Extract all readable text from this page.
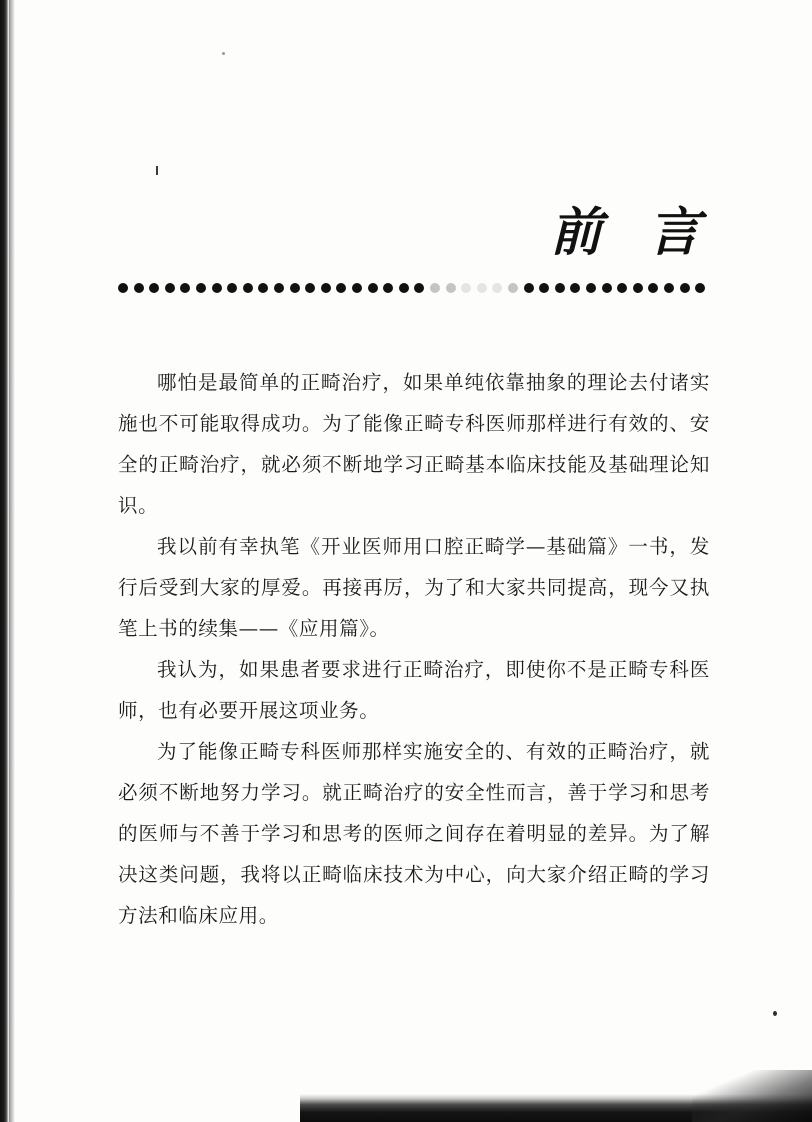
前 言

哪怕是最简单的正畸治疗，如果单纯依靠抽象的理论去付诸实施也不可能取得成功。为了能像正畸专科医师那样进行有效的、安全的正畸治疗，就必须不断地学习正畸基本临床技能及基础理论知识。

我以前有幸执笔《开业医师用口腔正畸学—基础篇》一书，发行后受到大家的厚爱。再接再厉，为了和大家共同提高，现今又执笔上书的续集——《应用篇》。

我认为，如果患者要求进行正畸治疗，即使你不是正畸专科医师，也有必要开展这项业务。

为了能像正畸专科医师那样实施安全的、有效的正畸治疗，就必须不断地努力学习。就正畸治疗的安全性而言，善于学习和思考的医师与不善于学习和思考的医师之间存在着明显的差异。为了解决这类问题，我将以正畸临床技术为中心，向大家介绍正畸的学习方法和临床应用。
